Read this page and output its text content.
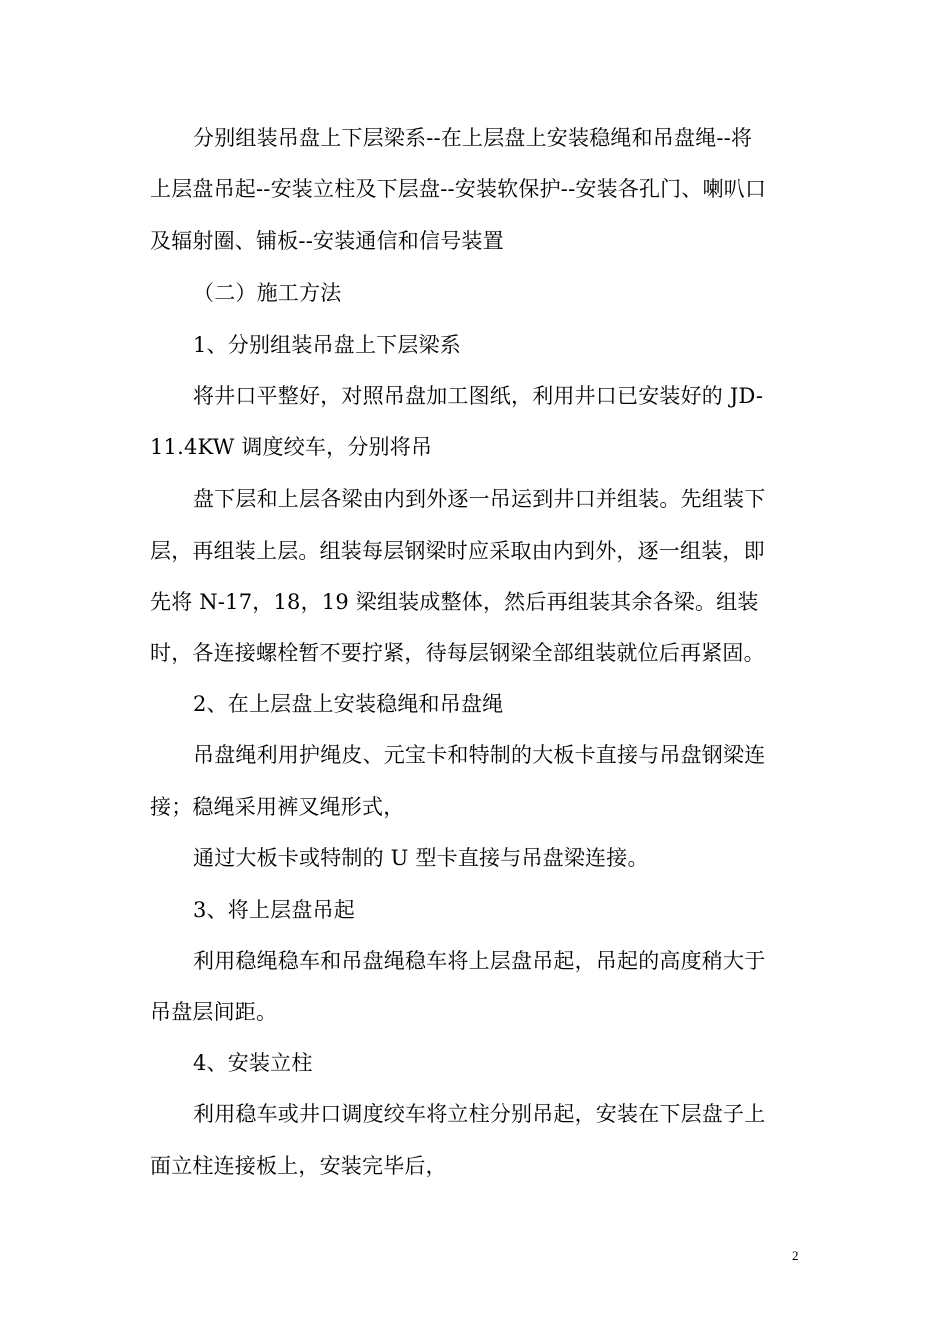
分别组装吊盘上下层梁系--在上层盘上安装稳绳和吊盘绳--将
上层盘吊起--安装立柱及下层盘--安装软保护--安装各孔门、喇叭口
及辐射圈、铺板--安装通信和信号装置
（二）施工方法
1、分别组装吊盘上下层梁系
将井口平整好，对照吊盘加工图纸，利用井口已安装好的 JD-
11.4KW 调度绞车，分别将吊
盘下层和上层各梁由内到外逐一吊运到井口并组装。先组装下
层，再组装上层。组装每层钢梁时应采取由内到外，逐一组装，即
先将 N-17，18，19 梁组装成整体，然后再组装其余各梁。组装
时，各连接螺栓暂不要拧紧，待每层钢梁全部组装就位后再紧固。
2、在上层盘上安装稳绳和吊盘绳
吊盘绳利用护绳皮、元宝卡和特制的大板卡直接与吊盘钢梁连
接；稳绳采用裤叉绳形式，
通过大板卡或特制的 U 型卡直接与吊盘梁连接。
3、将上层盘吊起
利用稳绳稳车和吊盘绳稳车将上层盘吊起，吊起的高度稍大于
吊盘层间距。
4、安装立柱
利用稳车或井口调度绞车将立柱分别吊起，安装在下层盘子上
面立柱连接板上，安装完毕后，
2
